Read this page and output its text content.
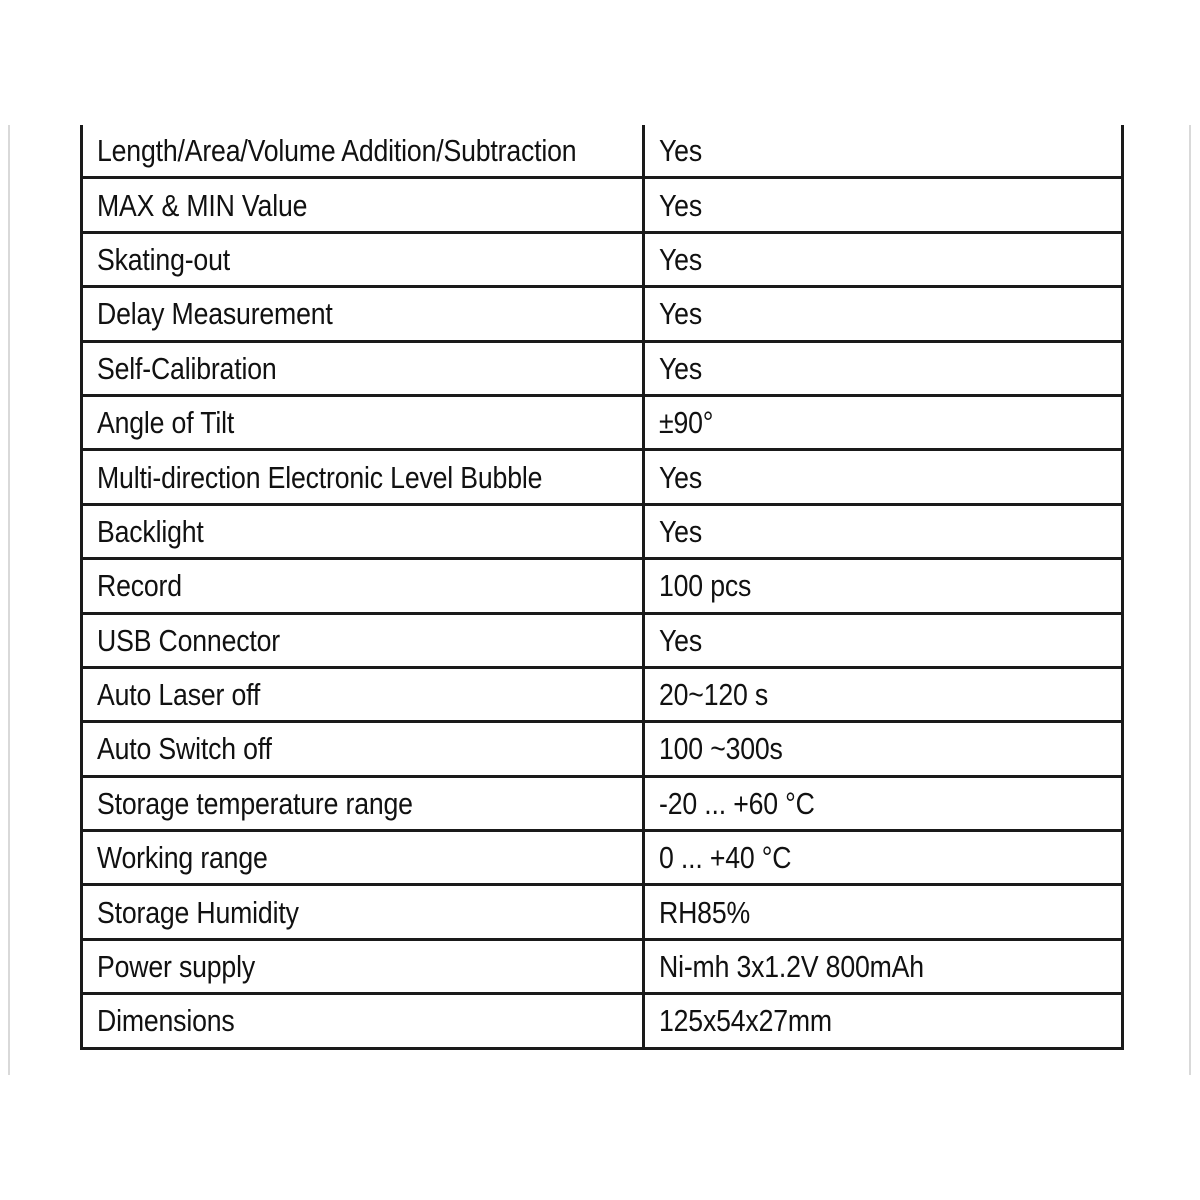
Length/Area/Volume Addition/Subtraction	Yes
MAX & MIN Value	Yes
Skating-out	Yes
Delay Measurement	Yes
Self-Calibration	Yes
Angle of Tilt	±90°
Multi-direction Electronic Level Bubble	Yes
Backlight	Yes
Record	100 pcs
USB Connector	Yes
Auto Laser off	20~120 s
Auto Switch off	100 ~300s
Storage temperature range	-20 ... +60 °C
Working range	0 ... +40 °C
Storage Humidity	RH85%
Power supply	Ni-mh 3x1.2V 800mAh
Dimensions	125x54x27mm
